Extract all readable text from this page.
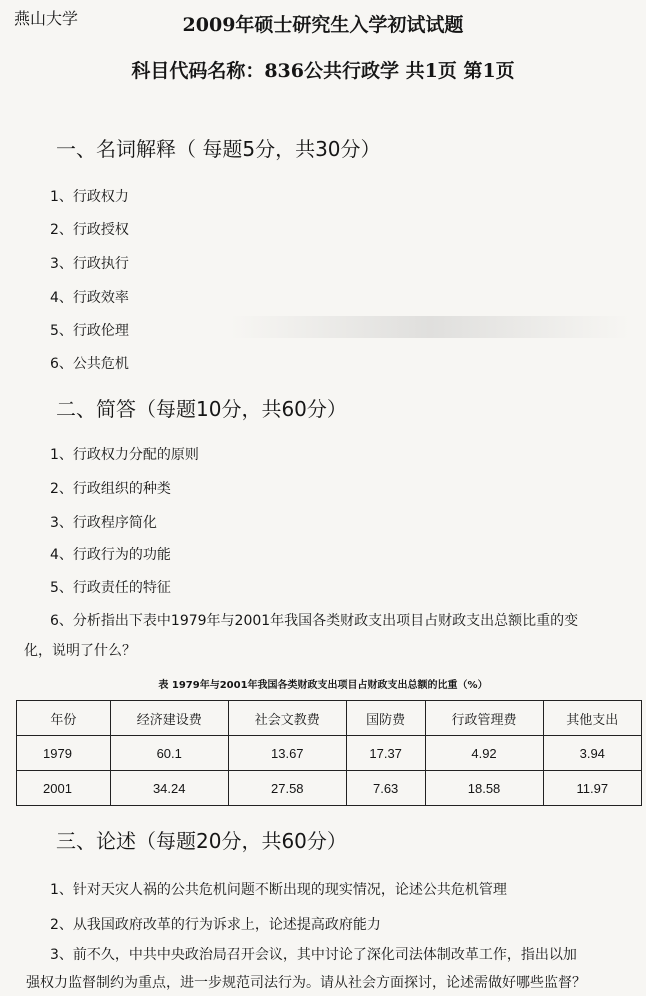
燕山大学	2009年硕士研究生入学初试试题
科目代码名称：836公共行政学 共1页 第1页
一、名词解释（ 每题5分，共30分）
1、行政权力
2、行政授权
3、行政执行
4、行政效率
5、行政伦理
6、公共危机
二、简答（每题10分，共60分）
1、行政权力分配的原则
2、行政组织的种类
3、行政程序简化
4、行政行为的功能
5、行政责任的特征
6、分析指出下表中1979年与2001年我国各类财政支出项目占财政支出总额比重的变
化，说明了什么？
表 1979年与2001年我国各类财政支出项目占财政支出总额的比重（%）
年份	经济建设费	社会文教费	国防费	行政管理费	其他支出
1979	60.1	13.67	17.37	4.92	3.94
2001	34.24	27.58	7.63	18.58	11.97
三、论述（每题20分，共60分）
1、针对天灾人祸的公共危机问题不断出现的现实情况，论述公共危机管理
2、从我国政府改革的行为诉求上，论述提高政府能力
3、前不久，中共中央政治局召开会议，其中讨论了深化司法体制改革工作，指出以加
强权力监督制约为重点，进一步规范司法行为。请从社会方面探讨，论述需做好哪些监督？
